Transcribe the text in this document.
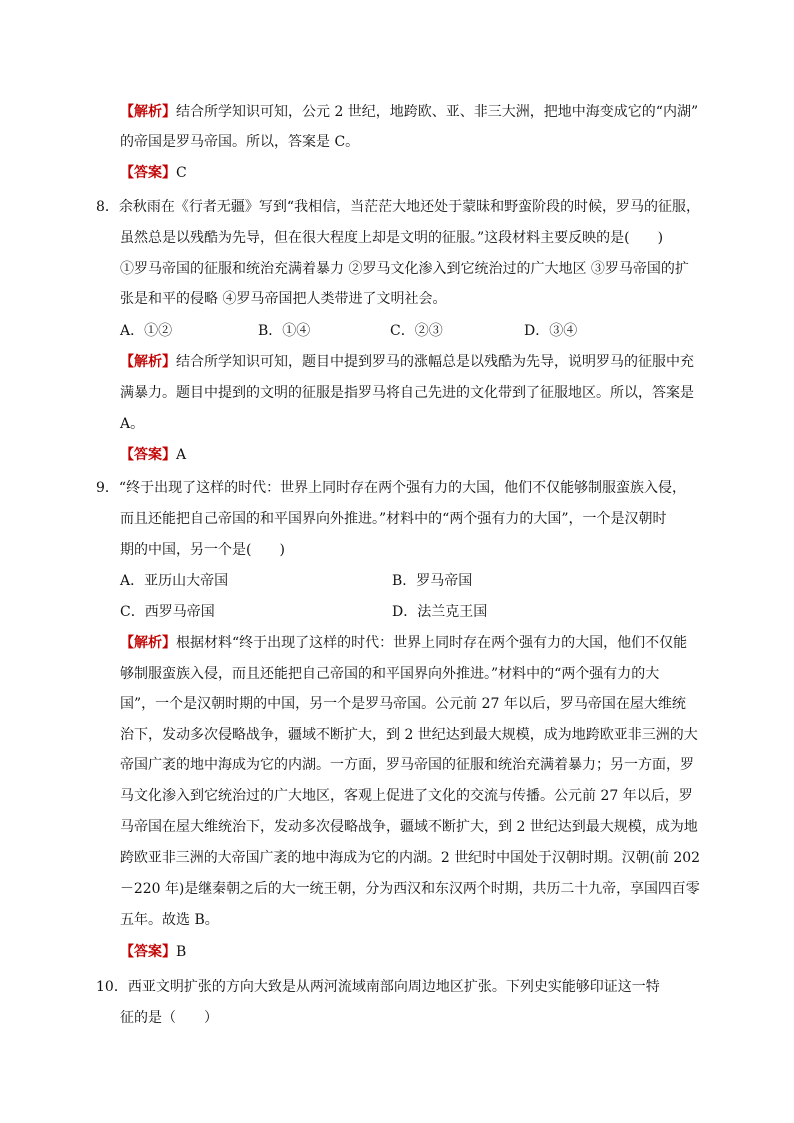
【解析】结合所学知识可知，公元 2 世纪，地跨欧、亚、非三大洲，把地中海变成它的“内湖”
的帝国是罗马帝国。所以，答案是 C。
【答案】C
8．余秋雨在《行者无疆》写到“我相信，当茫茫大地还处于蒙昧和野蛮阶段的时候，罗马的征服，
虽然总是以残酷为先导，但在很大程度上却是文明的征服。”这段材料主要反映的是(　　)
①罗马帝国的征服和统治充满着暴力 ②罗马文化渗入到它统治过的广大地区 ③罗马帝国的扩
张是和平的侵略 ④罗马帝国把人类带进了文明社会。
A．①②	B．①④	C．②③	D．③④
【解析】结合所学知识可知，题目中提到罗马的涨幅总是以残酷为先导，说明罗马的征服中充
满暴力。题目中提到的文明的征服是指罗马将自己先进的文化带到了征服地区。所以，答案是
A。
【答案】A
9．“终于出现了这样的时代：世界上同时存在两个强有力的大国，他们不仅能够制服蛮族入侵，
而且还能把自己帝国的和平国界向外推进。”材料中的“两个强有力的大国”，一个是汉朝时
期的中国，另一个是(　　)
A．亚历山大帝国	B．罗马帝国
C．西罗马帝国	D．法兰克王国
【解析】根据材料“终于出现了这样的时代：世界上同时存在两个强有力的大国，他们不仅能
够制服蛮族入侵，而且还能把自己帝国的和平国界向外推进。”材料中的“两个强有力的大
国”，一个是汉朝时期的中国，另一个是罗马帝国。公元前 27 年以后，罗马帝国在屋大维统
治下，发动多次侵略战争，疆域不断扩大，到 2 世纪达到最大规模，成为地跨欧亚非三洲的大
帝国广袤的地中海成为它的内湖。一方面，罗马帝国的征服和统治充满着暴力；另一方面，罗
马文化渗入到它统治过的广大地区，客观上促进了文化的交流与传播。公元前 27 年以后，罗
马帝国在屋大维统治下，发动多次侵略战争，疆域不断扩大，到 2 世纪达到最大规模，成为地
跨欧亚非三洲的大帝国广袤的地中海成为它的内湖。2 世纪时中国处于汉朝时期。汉朝(前 202
－220 年)是继秦朝之后的大一统王朝，分为西汉和东汉两个时期，共历二十九帝，享国四百零
五年。故选 B。
【答案】B
10．西亚文明扩张的方向大致是从两河流域南部向周边地区扩张。下列史实能够印证这一特
征的是（　　）
